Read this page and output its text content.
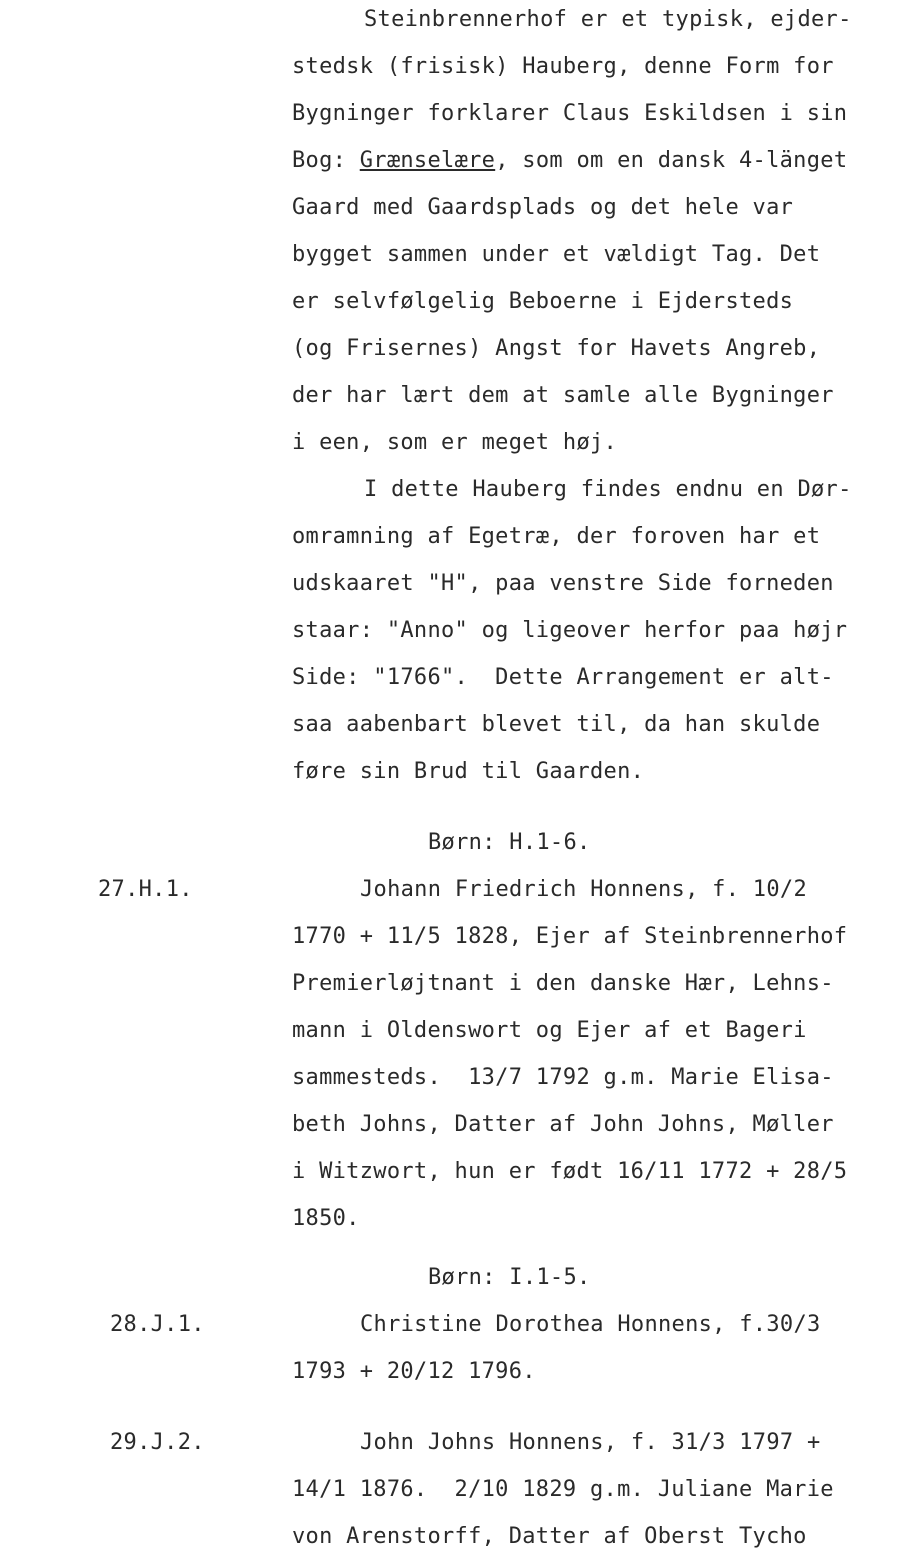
Steinbrennerhof er et typisk, ejder-
stedsk (frisisk) Hauberg, denne Form for
Bygninger forklarer Claus Eskildsen i sin
Bog: Grænselære, som om en dansk 4-länget
Gaard med Gaardsplads og det hele var
bygget sammen under et vældigt Tag. Det
er selvfølgelig Beboerne i Ejdersteds
(og Frisernes) Angst for Havets Angreb,
der har lært dem at samle alle Bygninger
i een, som er meget høj.
I dette Hauberg findes endnu en Dør-
omramning af Egetræ, der foroven har et
udskaaret "H", paa venstre Side forneden
staar: "Anno" og ligeover herfor paa højr
Side: "1766".  Dette Arrangement er alt-
saa aabenbart blevet til, da han skulde
føre sin Brud til Gaarden.
Børn: H.1-6.
27.H.1.	Johann Friedrich Honnens, f. 10/2
1770 + 11/5 1828, Ejer af Steinbrennerhof
Premierløjtnant i den danske Hær, Lehns-
mann i Oldenswort og Ejer af et Bageri
sammesteds.  13/7 1792 g.m. Marie Elisa-
beth Johns, Datter af John Johns, Møller
i Witzwort, hun er født 16/11 1772 + 28/5
1850.
Børn: I.1-5.
28.J.1.	Christine Dorothea Honnens, f.30/3
1793 + 20/12 1796.
29.J.2.	John Johns Honnens, f. 31/3 1797 +
14/1 1876.  2/10 1829 g.m. Juliane Marie
von Arenstorff, Datter af Oberst Tycho
